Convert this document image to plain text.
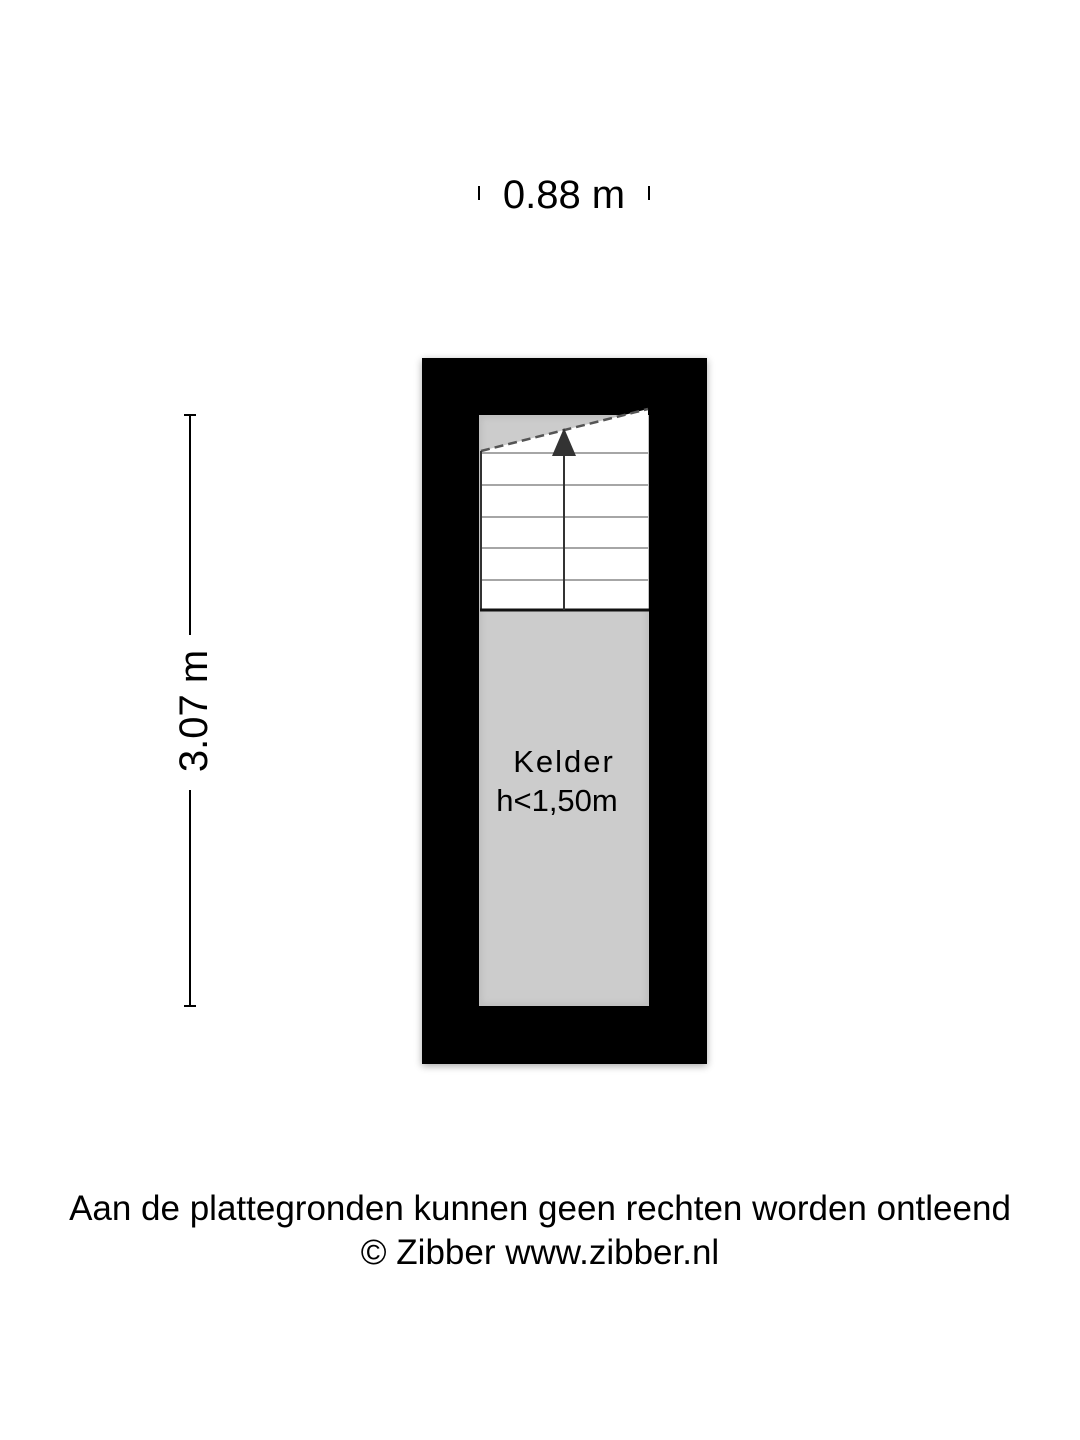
0.88 m
3.07 m	Kelder
h<1,50m
Aan de plattegronden kunnen geen rechten worden ontleend
© Zibber www.zibber.nl
